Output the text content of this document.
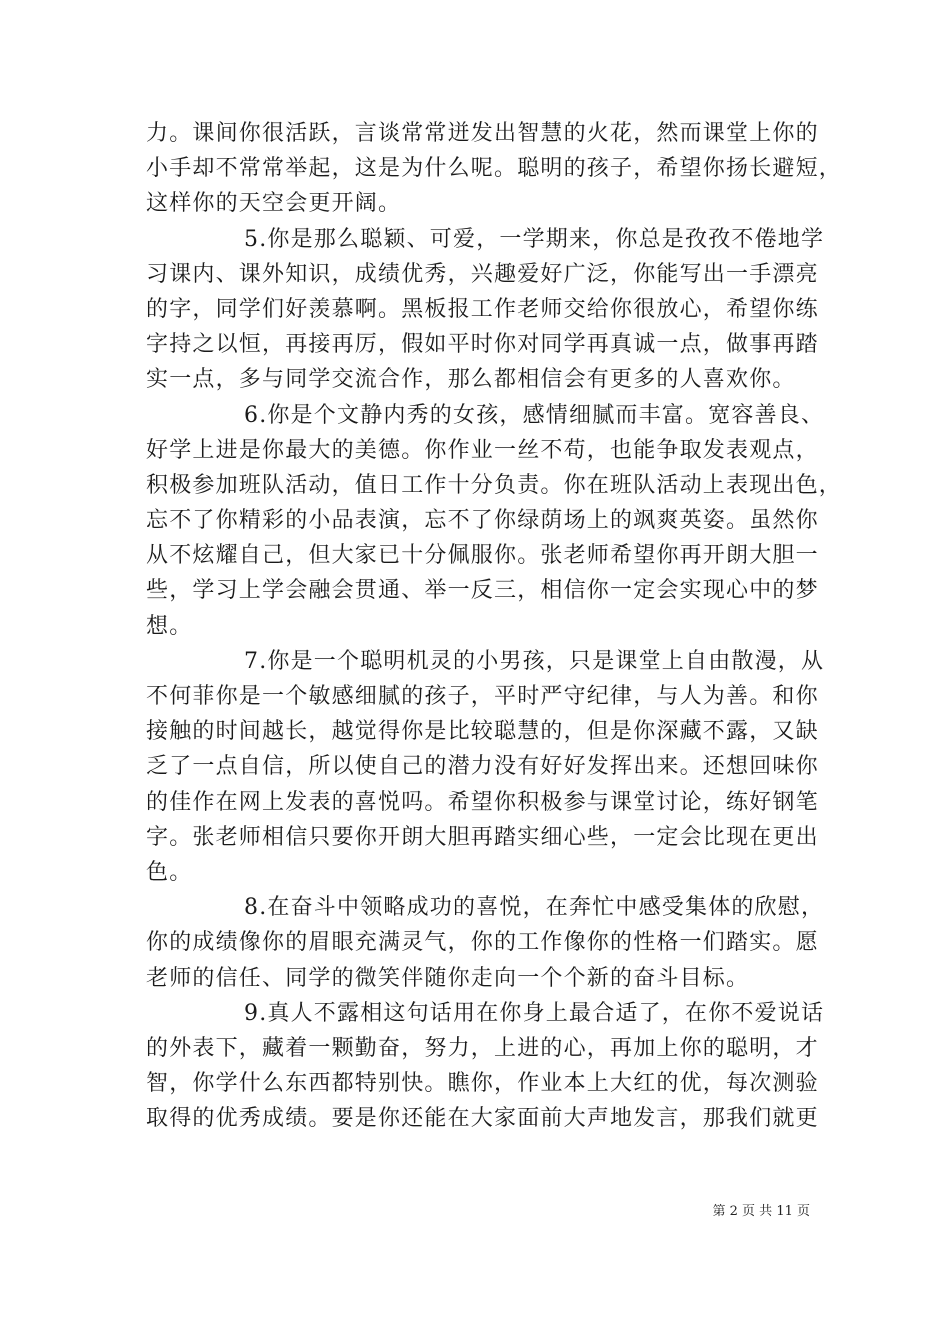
力。课间你很活跃，言谈常常迸发出智慧的火花，然而课堂上你的
小手却不常常举起，这是为什么呢。聪明的孩子，希望你扬长避短，
这样你的天空会更开阔。
5.你是那么聪颖、可爱，一学期来，你总是孜孜不倦地学
习课内、课外知识，成绩优秀，兴趣爱好广泛，你能写出一手漂亮
的字，同学们好羡慕啊。黑板报工作老师交给你很放心，希望你练
字持之以恒，再接再厉，假如平时你对同学再真诚一点，做事再踏
实一点，多与同学交流合作，那么都相信会有更多的人喜欢你。
6.你是个文静内秀的女孩，感情细腻而丰富。宽容善良、
好学上进是你最大的美德。你作业一丝不苟，也能争取发表观点，
积极参加班队活动，值日工作十分负责。你在班队活动上表现出色，
忘不了你精彩的小品表演，忘不了你绿荫场上的飒爽英姿。虽然你
从不炫耀自己，但大家已十分佩服你。张老师希望你再开朗大胆一
些，学习上学会融会贯通、举一反三，相信你一定会实现心中的梦
想。
7.你是一个聪明机灵的小男孩，只是课堂上自由散漫，从
不何菲你是一个敏感细腻的孩子，平时严守纪律，与人为善。和你
接触的时间越长，越觉得你是比较聪慧的，但是你深藏不露，又缺
乏了一点自信，所以使自己的潜力没有好好发挥出来。还想回味你
的佳作在网上发表的喜悦吗。希望你积极参与课堂讨论，练好钢笔
字。张老师相信只要你开朗大胆再踏实细心些，一定会比现在更出
色。
8.在奋斗中领略成功的喜悦，在奔忙中感受集体的欣慰，
你的成绩像你的眉眼充满灵气，你的工作像你的性格一们踏实。愿
老师的信任、同学的微笑伴随你走向一个个新的奋斗目标。
9.真人不露相这句话用在你身上最合适了，在你不爱说话
的外表下，藏着一颗勤奋，努力，上进的心，再加上你的聪明，才
智，你学什么东西都特别快。瞧你，作业本上大红的优，每次测验
取得的优秀成绩。要是你还能在大家面前大声地发言，那我们就更
第 2 页 共 11 页
